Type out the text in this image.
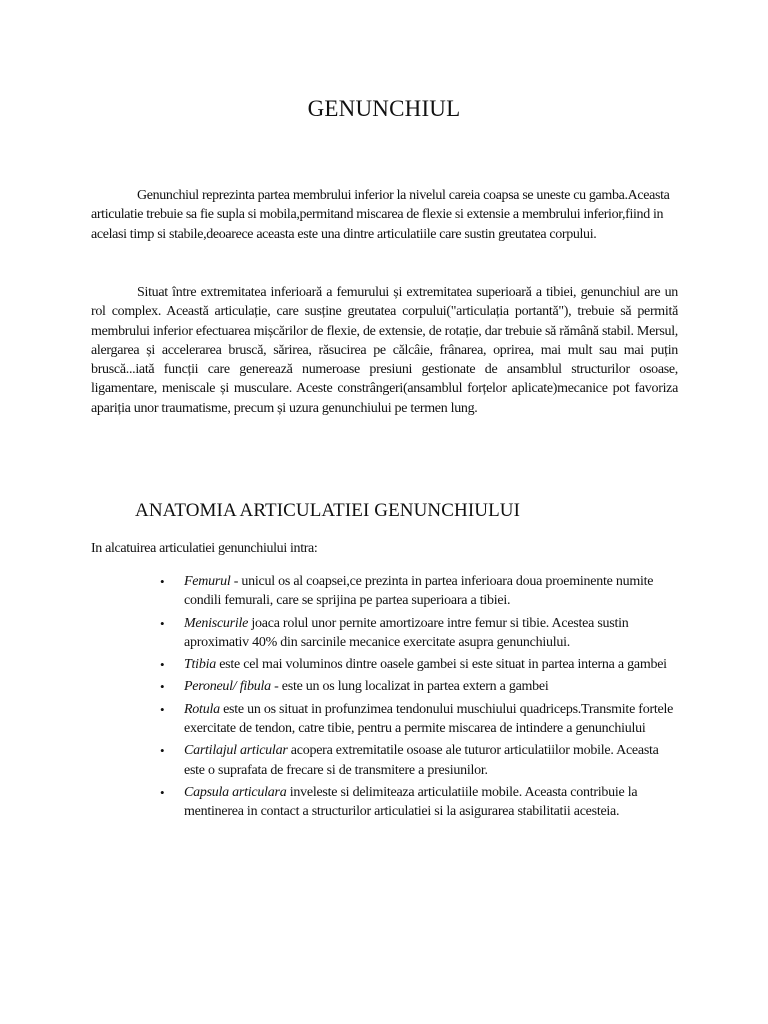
GENUNCHIUL

Genunchiul reprezinta partea membrului inferior la nivelul careia coapsa se uneste cu gamba.Aceasta articulatie trebuie sa fie supla si mobila,permitand miscarea de flexie si extensie a membrului inferior,fiind in acelasi timp si stabile,deoarece aceasta este una dintre articulatiile care sustin greutatea corpului.

Situat între extremitatea inferioară a femurului și extremitatea superioară a tibiei, genunchiul are un rol complex. Această articulație, care susține greutatea corpului("articulația portantă"), trebuie să permită membrului inferior efectuarea mișcărilor de flexie, de extensie, de rotație, dar trebuie să rămână stabil. Mersul, alergarea și accelerarea bruscă, sărirea, răsucirea pe călcâie, frânarea, oprirea, mai mult sau mai puțin bruscă...iată funcții care generează numeroase presiuni gestionate de ansamblul structurilor osoase, ligamentare, meniscale și musculare. Aceste constrângeri(ansamblul forțelor aplicate)mecanice pot favoriza apariția unor traumatisme, precum și uzura genunchiului pe termen lung.

ANATOMIA ARTICULATIEI GENUNCHIULUI
In alcatuirea articulatiei genunchiului intra:
• Femurul - unicul os al coapsei,ce prezinta in partea inferioara doua proeminente numite condili femurali, care se sprijina pe partea superioara a tibiei.
• Meniscurile joaca rolul unor pernite amortizoare intre femur si tibie. Acestea sustin aproximativ 40% din sarcinile mecanice exercitate asupra genunchiului.
• Ttibia este cel mai voluminos dintre oasele gambei si este situat in partea interna a gambei
• Peroneul/ fibula - este un os lung localizat in partea extern a gambei
• Rotula este un os situat in profunzimea tendonului muschiului quadriceps.Transmite fortele exercitate de tendon, catre tibie, pentru a permite miscarea de intindere a genunchiului
• Cartilajul articular acopera extremitatile osoase ale tuturor articulatiilor mobile. Aceasta este o suprafata de frecare si de transmitere a presiunilor.
• Capsula articulara inveleste si delimiteaza articulatiile mobile. Aceasta contribuie la mentinerea in contact a structurilor articulatiei si la asigurarea stabilitatii acesteia.
